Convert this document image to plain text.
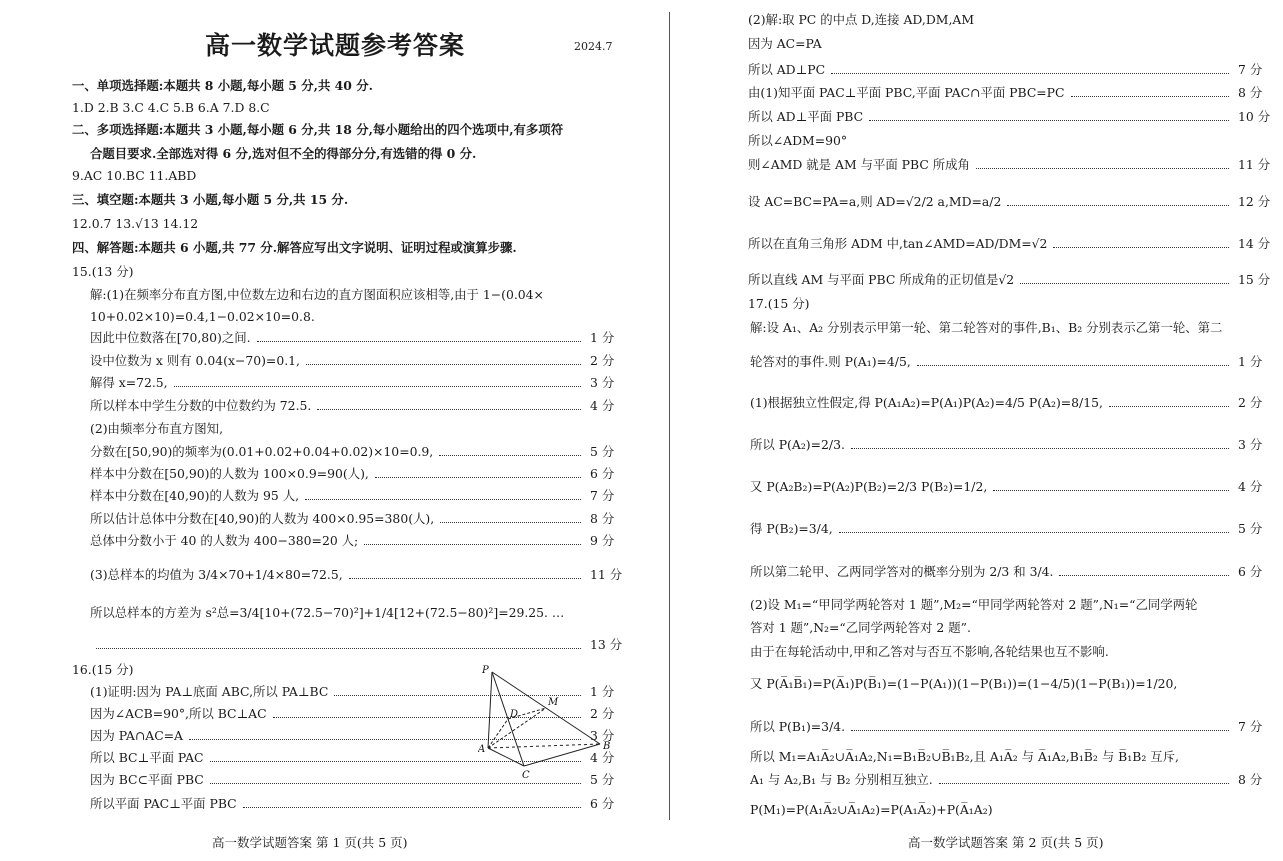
高一数学试题参考答案	2024.7
一、单项选择题:本题共 8 小题,每小题 5 分,共 40 分.
1.D 2.B 3.C 4.C 5.B 6.A 7.D 8.C
二、多项选择题:本题共 3 小题,每小题 6 分,共 18 分,每小题给出的四个选项中,有多项符
合题目要求.全部选对得 6 分,选对但不全的得部分分,有选错的得 0 分.
9.AC 10.BC 11.ABD
三、填空题:本题共 3 小题,每小题 5 分,共 15 分.
12.0.7 13.√13 14.12
四、解答题:本题共 6 小题,共 77 分.解答应写出文字说明、证明过程或演算步骤.
15.(13 分)
解:(1)在频率分布直方图,中位数左边和右边的直方图面积应该相等,由于 1−(0.04×
10+0.02×10)=0.4,1−0.02×10=0.8.
因此中位数落在[70,80)之间.	1 分
设中位数为 x 则有 0.04(x−70)=0.1,	2 分
解得 x=72.5,	3 分
所以样本中学生分数的中位数约为 72.5.	4 分
(2)由频率分布直方图知,
分数在[50,90)的频率为(0.01+0.02+0.04+0.02)×10=0.9,	5 分
样本中分数在[50,90)的人数为 100×0.9=90(人),	6 分
样本中分数在[40,90)的人数为 95 人,	7 分
所以估计总体中分数在[40,90)的人数为 400×0.95=380(人),	8 分
总体中分数小于 40 的人数为 400−380=20 人;	9 分
(3)总样本的均值为 3/4×70+1/4×80=72.5,	11 分
所以总样本的方差为 s²总=3/4[10+(72.5−70)²]+1/4[12+(72.5−80)²]=29.25. …
13 分
16.(15 分)
(1)证明:因为 PA⊥底面 ABC,所以 PA⊥BC	1 分
因为∠ACB=90°,所以 BC⊥AC	2 分
因为 PA∩AC=A	3 分
所以 BC⊥平面 PAC	4 分
因为 BC⊂平面 PBC	5 分
所以平面 PAC⊥平面 PBC	6 分
P
M
D
A	B
C
高一数学试题答案 第 1 页(共 5 页)
(2)解:取 PC 的中点 D,连接 AD,DM,AM
因为 AC=PA
所以 AD⊥PC	7 分
由(1)知平面 PAC⊥平面 PBC,平面 PAC∩平面 PBC=PC	8 分
所以 AD⊥平面 PBC	10 分
所以∠ADM=90°
则∠AMD 就是 AM 与平面 PBC 所成角	11 分
设 AC=BC=PA=a,则 AD=√2/2 a,MD=a/2	12 分
所以在直角三角形 ADM 中,tan∠AMD=AD/DM=√2	14 分
所以直线 AM 与平面 PBC 所成角的正切值是√2	15 分
17.(15 分)
解:设 A₁、A₂ 分别表示甲第一轮、第二轮答对的事件,B₁、B₂ 分别表示乙第一轮、第二
轮答对的事件.则 P(A₁)=4/5,	1 分
(1)根据独立性假定,得 P(A₁A₂)=P(A₁)P(A₂)=4/5 P(A₂)=8/15,	2 分
所以 P(A₂)=2/3.	3 分
又 P(A₂B₂)=P(A₂)P(B₂)=2/3 P(B₂)=1/2,	4 分
得 P(B₂)=3/4,	5 分
所以第二轮甲、乙两同学答对的概率分别为 2/3 和 3/4.	6 分
(2)设 M₁=“甲同学两轮答对 1 题”,M₂=“甲同学两轮答对 2 题”,N₁=“乙同学两轮
答对 1 题”,N₂=“乙同学两轮答对 2 题”.
由于在每轮活动中,甲和乙答对与否互不影响,各轮结果也互不影响.
又 P(A̅₁B̅₁)=P(A̅₁)P(B̅₁)=(1−P(A₁))(1−P(B₁))=(1−4/5)(1−P(B₁))=1/20,
所以 P(B₁)=3/4.	7 分
所以 M₁=A₁A̅₂∪A̅₁A₂,N₁=B₁B̅₂∪B̅₁B₂,且 A₁A̅₂ 与 A̅₁A₂,B₁B̅₂ 与 B̅₁B₂ 互斥,
A₁ 与 A₂,B₁ 与 B₂ 分别相互独立.	8 分
P(M₁)=P(A₁A̅₂∪A̅₁A₂)=P(A₁A̅₂)+P(A̅₁A₂)
高一数学试题答案 第 2 页(共 5 页)
